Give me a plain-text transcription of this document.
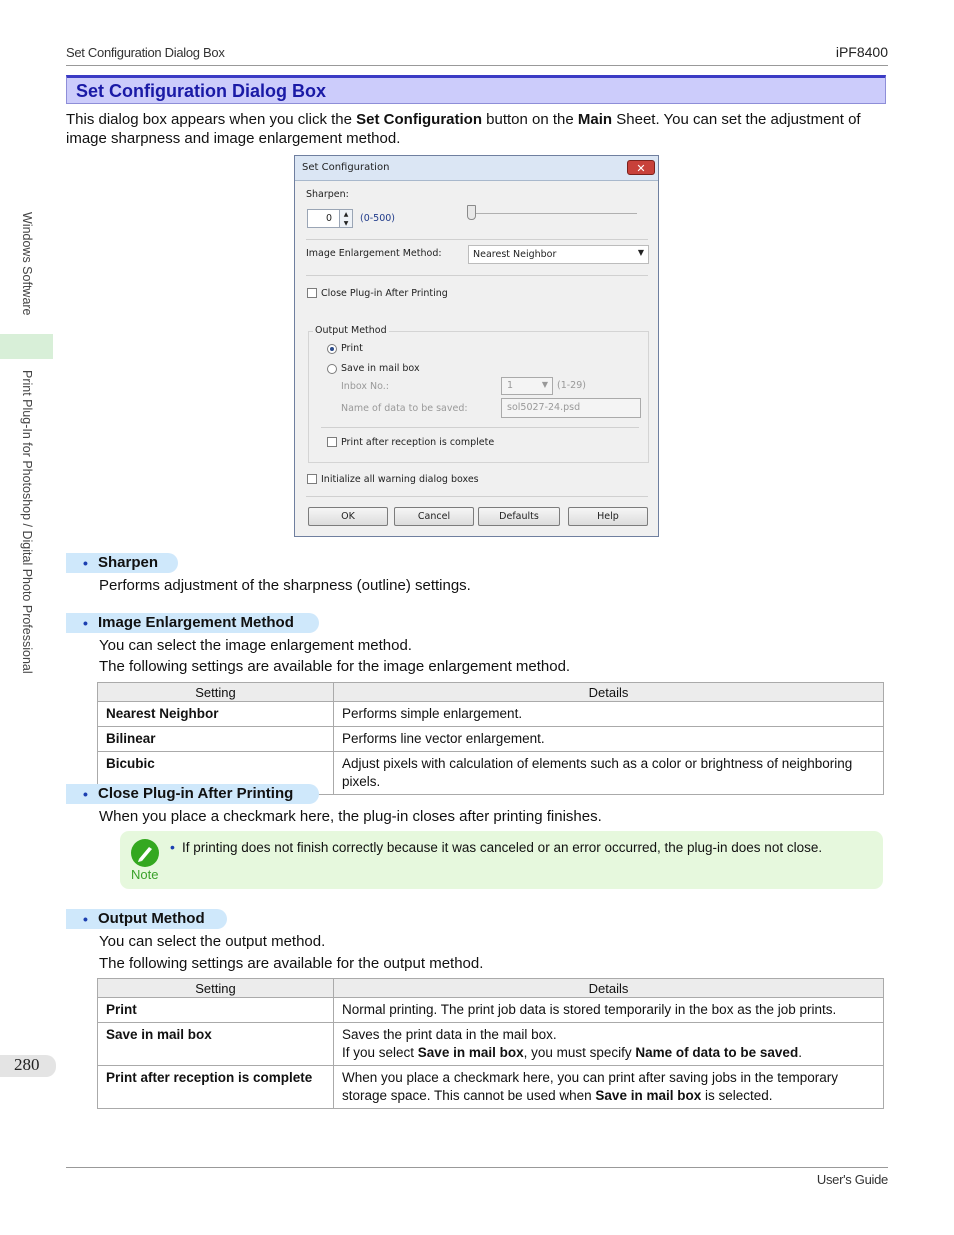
Set Configuration Dialog Box	iPF8400
Set Configuration Dialog Box
This dialog box appears when you click the Set Configuration button on the Main Sheet. You can set the adjustment of image sharpness and image enlargement method.
Windows Software
Print Plug-In for Photoshop / Digital Photo Professional
Set Configuration	✕
Sharpen:
0	▲
▼	(0-500)
Image Enlargement Method:	Nearest Neighbor	▼
Close Plug-in After Printing
Output Method
Print
Save in mail box
Inbox No.:	1	▼ (1-29)
Name of data to be saved:	sol5027-24.psd
Print after reception is complete
Initialize all warning dialog boxes
OK	Cancel	Defaults	Help
• Sharpen
Performs adjustment of the sharpness (outline) settings.
• Image Enlargement Method
You can select the image enlargement method.
The following settings are available for the image enlargement method.
Setting	Details
Nearest Neighbor	Performs simple enlargement.
Bilinear	Performs line vector enlargement.
Bicubic	Adjust pixels with calculation of elements such as a color or brightness of neighboring pixels.
• Close Plug-in After Printing
When you place a checkmark here, the plug-in closes after printing finishes.
Note
• If printing does not finish correctly because it was canceled or an error occurred, the plug-in does not close.
• Output Method
You can select the output method.
The following settings are available for the output method.
Setting	Details
Print	Normal printing. The print job data is stored temporarily in the box as the job prints.
Save in mail box	Saves the print data in the mail box.
If you select Save in mail box, you must specify Name of data to be saved.
Print after reception is complete	When you place a checkmark here, you can print after saving jobs in the temporary storage space. This cannot be used when Save in mail box is selected.
280
User's Guide
